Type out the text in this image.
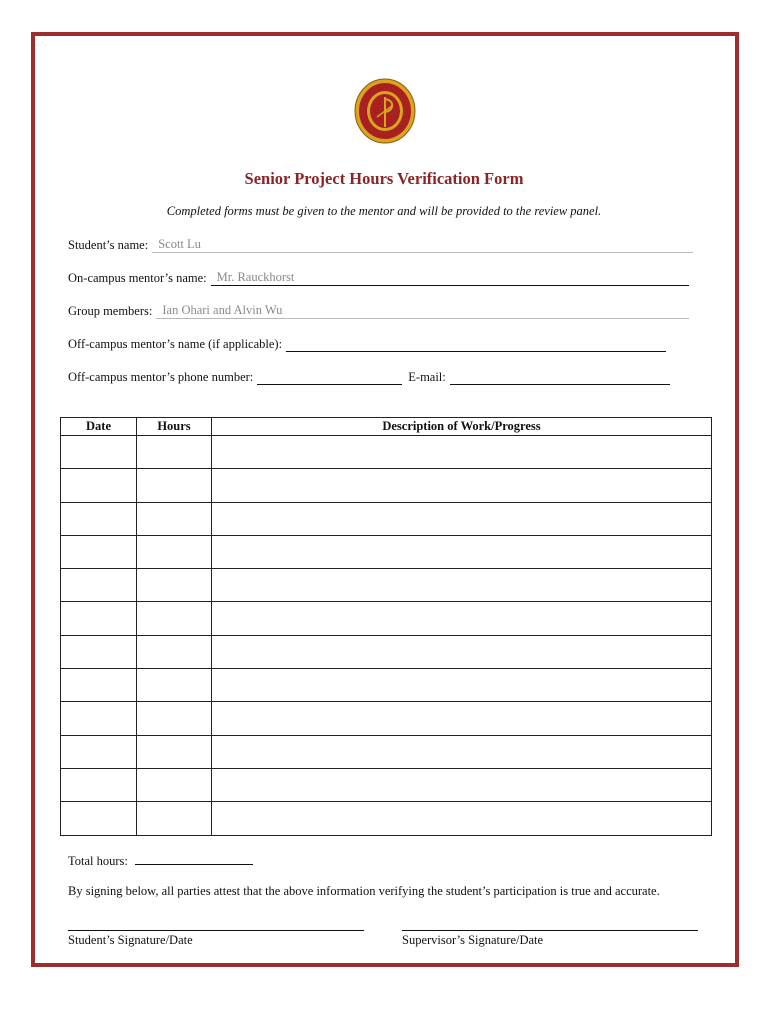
Senior Project Hours Verification Form
Completed forms must be given to the mentor and will be provided to the review panel.
Student’s name: Scott Lu
On-campus mentor’s name: Mr. Rauckhorst
Group members: Ian Ohari and Alvin Wu
Off-campus mentor’s name (if applicable):
Off-campus mentor’s phone number:	E-mail:
Date	Hours	Description of Work/Progress

Total hours:
By signing below, all parties attest that the above information verifying the student’s participation is true and accurate.
Student’s Signature/Date	Supervisor’s Signature/Date
